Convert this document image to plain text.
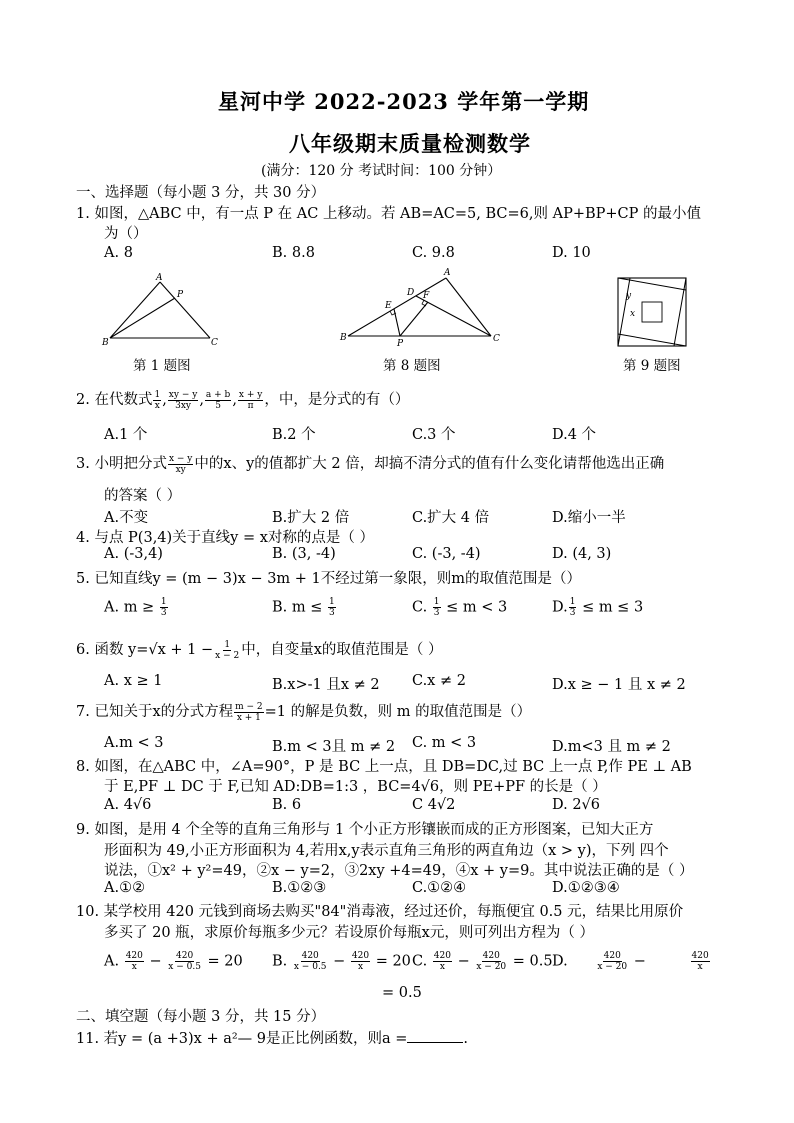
星河中学 2022-2023 学年第一学期
八年级期末质量检测数学
(满分：120 分 考试时间：100 分钟）
一、选择题（每小题 3 分，共 30 分）
1. 如图，△ABC 中，有一点 P 在 AC 上移动。若 AB=AC=5, BC=6,则 AP+BP+CP 的最小值
为（）
A. 8	B. 8.8	C. 9.8	D. 10
A
P
B	C
第 1 题图
A
D F
E
B
P	C
第 8 题图
y
x
第 9 题图
2. 在代数式 $\frac{1}{x}$ , $\frac{xy - y}{3xy}$ , $\frac{a + b}{5}$ , $\frac{x + y}{\pi}$ ，中，是分式的有（）
A.1 个	B.2 个	C.3 个	D.4 个
3. 小明把分式 $\frac{x - y}{xy}$ 中的x、y的值都扩大 2 倍，却搞不清分式的值有什么变化请帮他选出正确
的答案（ ）
A.不变	B.扩大 2 倍	C.扩大 4 倍	D.缩小一半
4. 与点 P(3,4)关于直线y = x对称的点是（ ）
A. (-3,4)	B. (3, -4)	C. (-3, -4)	D. (4, 3)
5. 已知直线y = (m − 3)x − 3m + 1不经过第一象限，则m的取值范围是（）
A. $m \ge \frac{1}{3}$	B. $m \le \frac{1}{3}$	C. $\frac{1}{3} \le m < 3$	D. $\frac{1}{3} \le m \le 3$
6. 函数 $y=√x + 1 - \frac{1}{x - 2}$ 中，自变量x的取值范围是（ ）
A. x ≥ 1	B.x>-1 且x ≠ 2 C.x ≠ 2	D.x ≥ − 1 且 x ≠ 2
7. 已知关于x的分式方程 $\frac{m - 2}{x + 1} =1$ 的解是负数，则 m 的取值范围是（）
A.m < 3	B.m < 3且 m ≠ 2 C. m < 3	D.m<3 且 m ≠ 2
8. 如图，在△ABC 中，∠A=90°，P 是 BC 上一点，且 DB=DC,过 BC 上一点 P,作 PE ⊥ AB
于 E,PF ⊥ DC 于 F,已知 AD:DB=1:3 ，BC=4√6，则 PE+PF 的长是（ ）
A. 4√6	B. 6	C 4√2	D. 2√6
9. 如图，是用 4 个全等的直角三角形与 1 个小正方形镶嵌而成的正方形图案，已知大正方
形面积为 49,小正方形面积为 4,若用x,y表示直角三角形的两直角边（x > y)，下列 四个
说法，①x² + y²=49，②x − y=2，③2xy +4=49，④x + y=9。其中说法正确的是（ ）
A.①②	B.①②③	C.①②④	D.①②③④
10. 某学校用 420 元钱到商场去购买"84"消毒液，经过还价，每瓶便宜 0.5 元，结果比用原价
多买了 20 瓶，求原价每瓶多少元？若设原价每瓶x元，则可列出方程为（ ）
A. $\frac{420}{x} - \frac{420}{x - 0.5} = 20$ B. $\frac{420}{x - 0.5} - \frac{420}{x} = 20$ C. $\frac{420}{x} - \frac{420}{x - 20} = 0.5$ D.	$\frac{420}{x - 20}$ −	$\frac{420}{x}$
= 0.5
二、填空题（每小题 3 分，共 15 分）
11. 若y = (a +3)x + a²— 9是正比例函数，则a =	.
